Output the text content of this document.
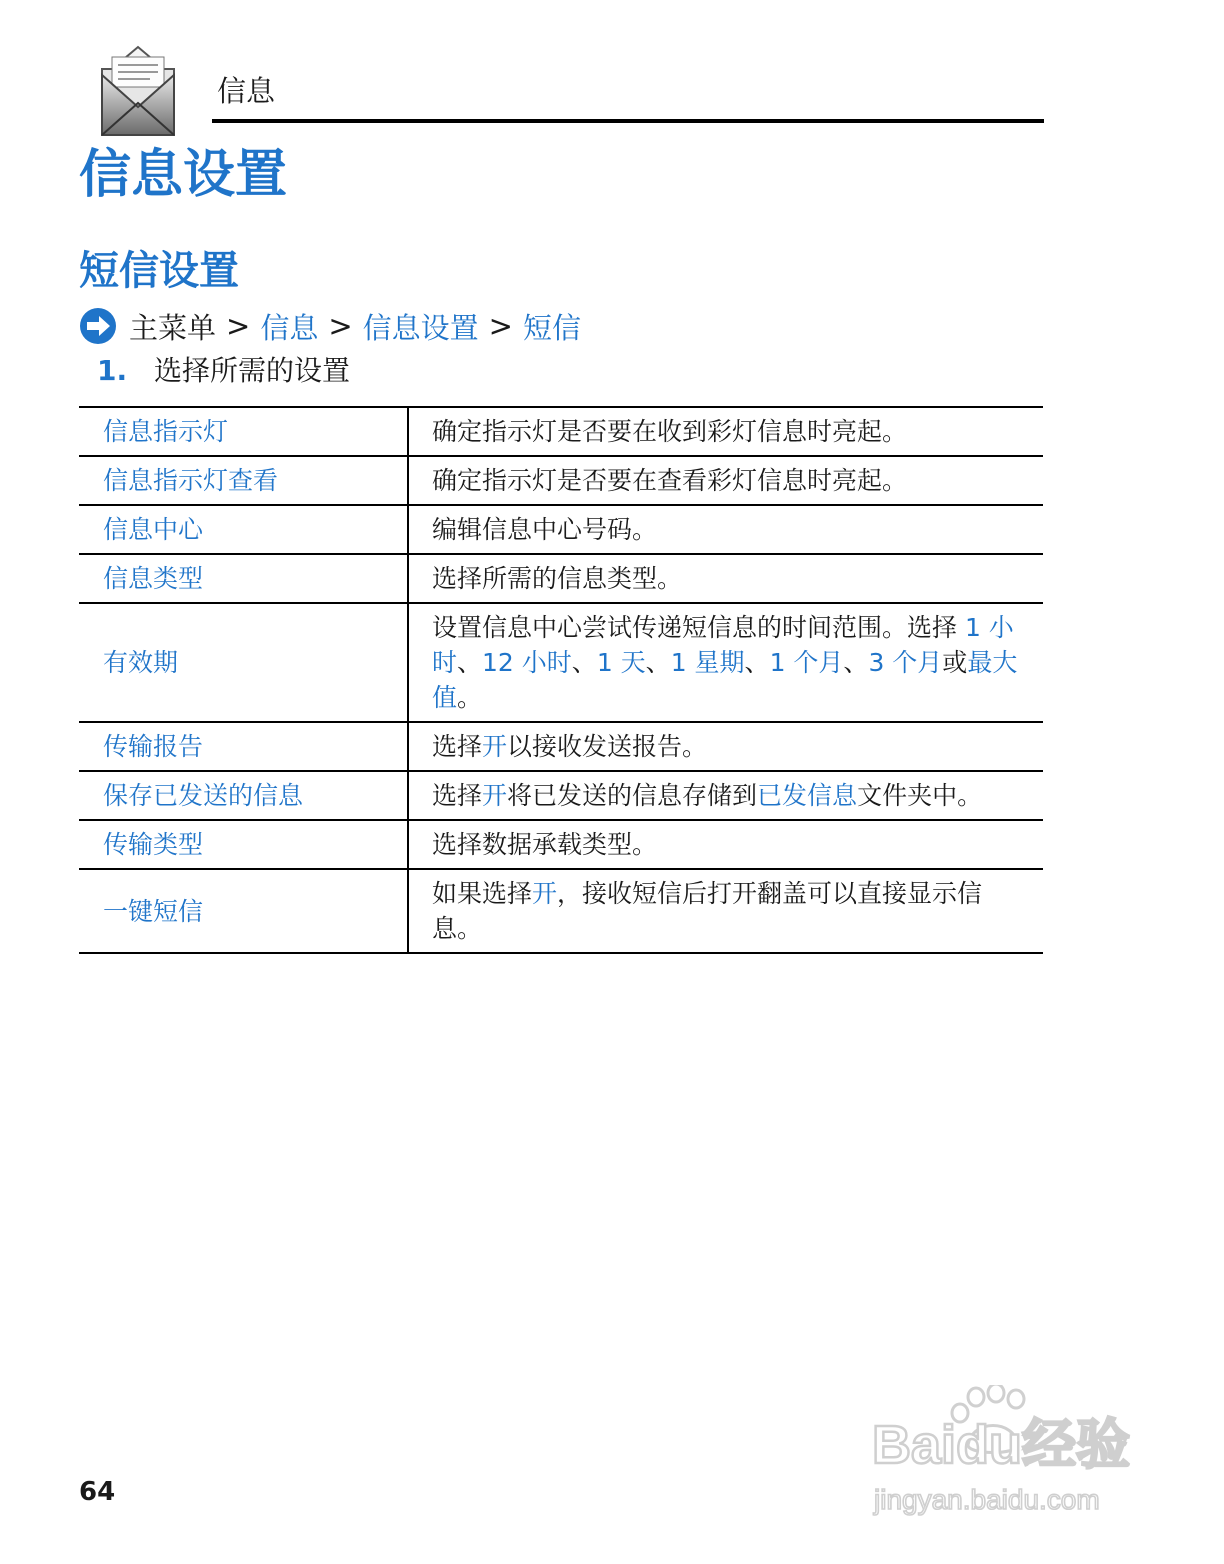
信息
信息设置
短信设置
主菜单 > 信息 > 信息设置 > 短信
1. 选择所需的设置
信息指示灯	确定指示灯是否要在收到彩灯信息时亮起。
信息指示灯查看	确定指示灯是否要在查看彩灯信息时亮起。
信息中心	编辑信息中心号码。
信息类型	选择所需的信息类型。
有效期	设置信息中心尝试传递短信息的时间范围。选择 1 小时、12 小时、1 天、1 星期、1 个月、3 个月或最大值。
传输报告	选择开以接收发送报告。
保存已发送的信息	选择开将已发送的信息存储到已发信息文件夹中。
传输类型	选择数据承载类型。
一键短信	如果选择开，接收短信后打开翻盖可以直接显示信息。
64
Baidu经验
jingyan.baidu.com
